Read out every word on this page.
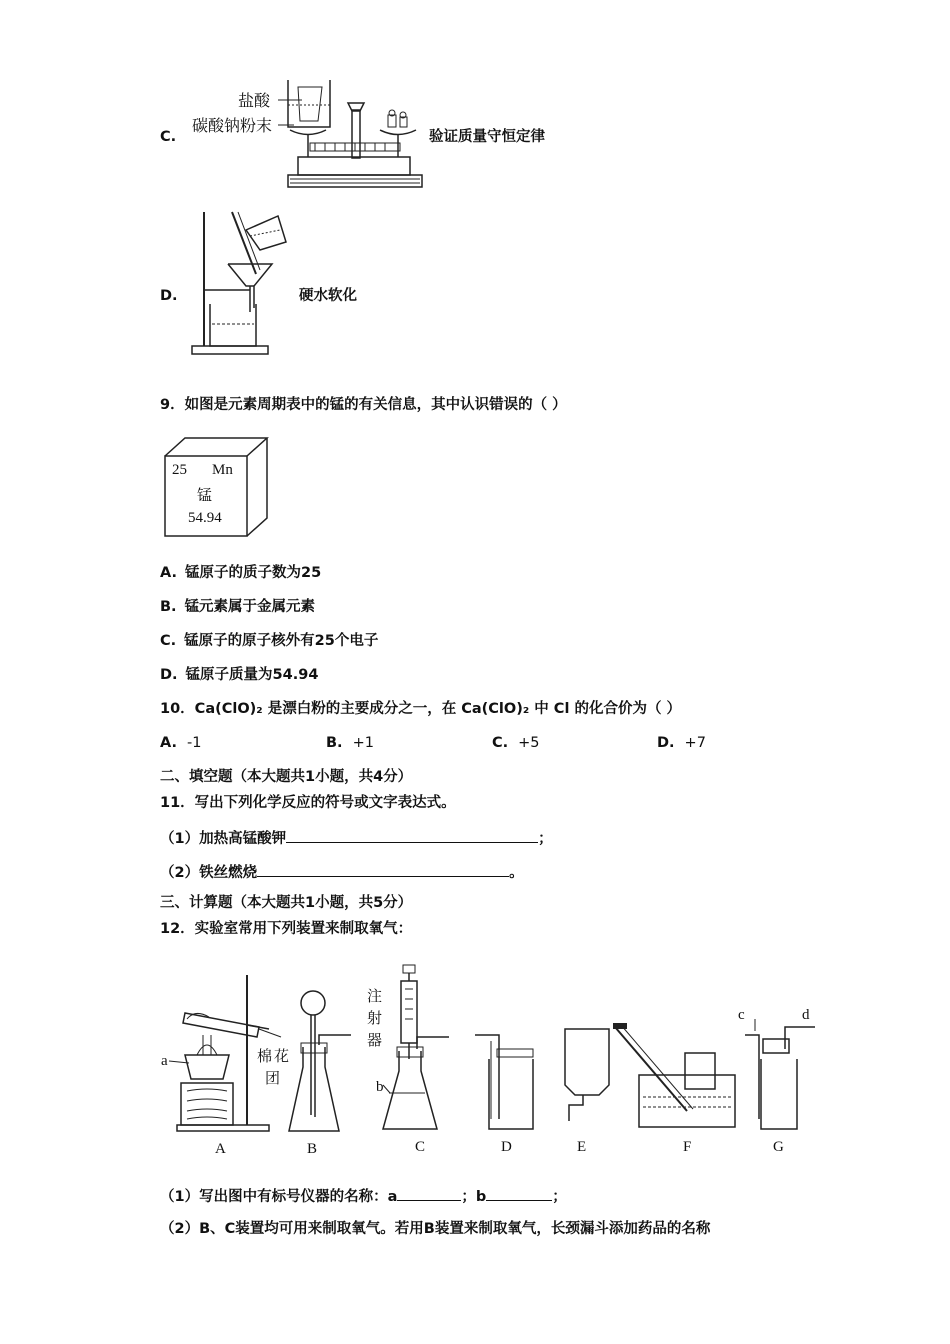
C.
盐酸
碳酸钠粉末
验证质量守恒定律
D.	硬水软化
9．如图是元素周期表中的锰的有关信息，其中认识错误的（ ）
25 Mn
锰
54.94
A. 锰原子的质子数为25
B. 锰元素属于金属元素
C. 锰原子的原子核外有25个电子
D. 锰原子质量为54.94
10．Ca(ClO)₂ 是漂白粉的主要成分之一，在 Ca(ClO)₂ 中 Cl 的化合价为（ ）
A. -1	B. +1	C. +5	D. +7
二、填空题（本大题共1小题，共4分）
11．写出下列化学反应的符号或文字表达式。
（1）加热高锰酸钾	；
（2）铁丝燃烧	。
三、计算题（本大题共1小题，共5分）
12．实验室常用下列装置来制取氧气：
a
b
c	d
棉 花
团
注
射
器
A	B	C	D	E	F	G
（1）写出图中有标号仪器的名称：a	；b	；
（2）B、C装置均可用来制取氧气。若用B装置来制取氧气，长颈漏斗添加药品的名称
